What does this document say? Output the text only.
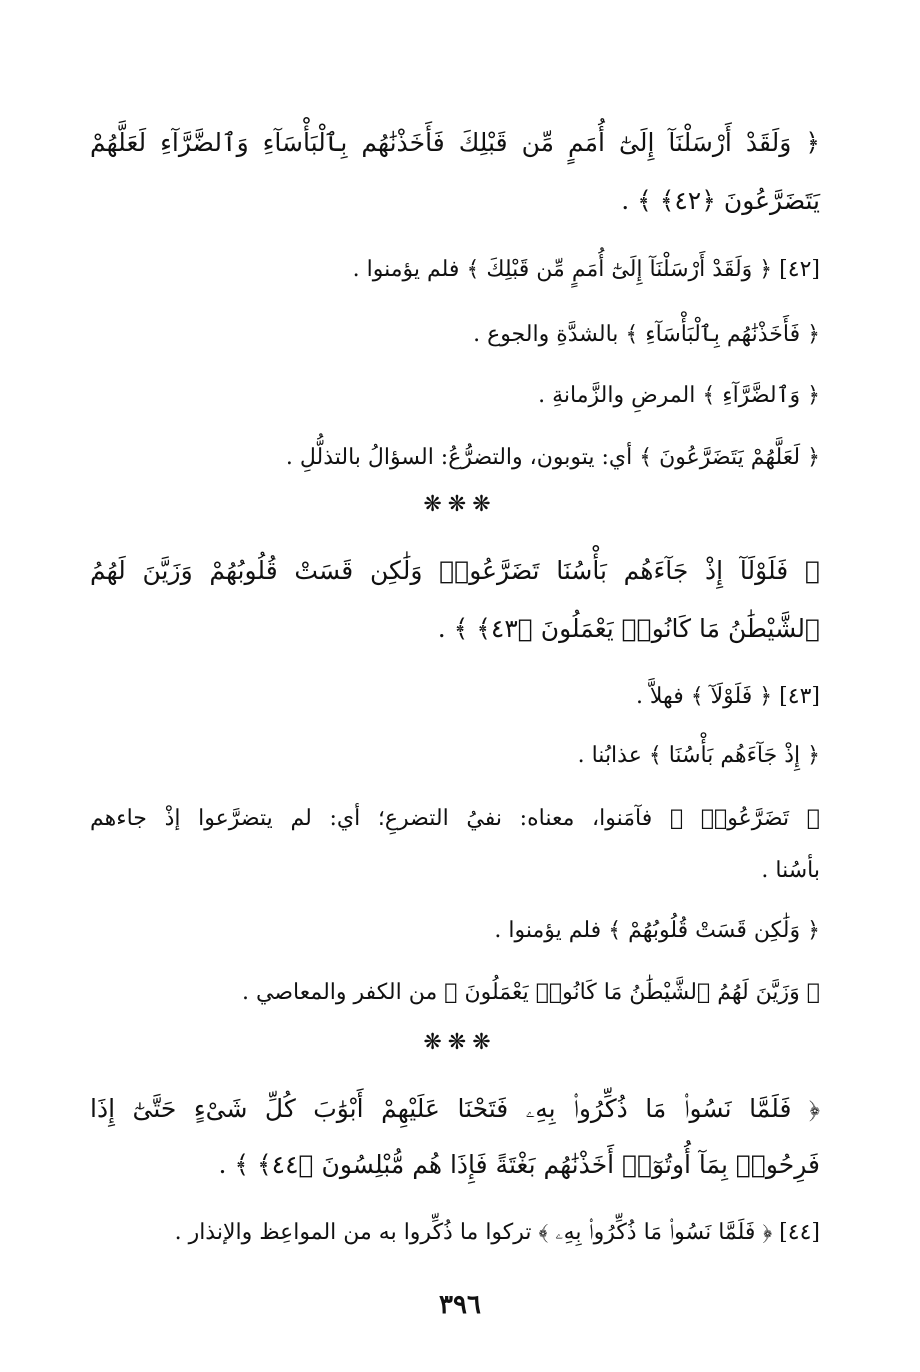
﴿ وَلَقَدْ أَرْسَلْنَآ إِلَىٰٓ أُمَمٍ مِّن قَبْلِكَ فَأَخَذْنَٰهُم بِٱلْبَأْسَآءِ وَٱلضَّرَّآءِ لَعَلَّهُمْ
يَتَضَرَّعُونَ ﴿٤٢﴾ ﴾ .
[٤٢] ﴿ وَلَقَدْ أَرْسَلْنَآ إِلَىٰٓ أُمَمٍ مِّن قَبْلِكَ ﴾ فلم يؤمنوا .
﴿ فَأَخَذْنَٰهُم بِٱلْبَأْسَآءِ ﴾ بالشدَّةِ والجوع .
﴿ وَٱلضَّرَّآءِ ﴾ المرضِ والزَّمانةِ .
﴿ لَعَلَّهُمْ يَتَضَرَّعُونَ ﴾ أي: يتوبون، والتضرُّعُ: السؤالُ بالتذلُّلِ .
❋❋❋
﴿ فَلَوْلَآ إِذْ جَآءَهُم بَأْسُنَا تَضَرَّعُوا۟ وَلَٰكِن قَسَتْ قُلُوبُهُمْ وَزَيَّنَ لَهُمُ
ٱلشَّيْطَٰنُ مَا كَانُوا۟ يَعْمَلُونَ ﴿٤٣﴾ ﴾ .
[٤٣] ﴿ فَلَوْلَآ ﴾ فهلاَّ .
﴿ إِذْ جَآءَهُم بَأْسُنَا ﴾ عذابُنا .
﴿ تَضَرَّعُوا۟ ﴾ فآمَنوا، معناه: نفيُ التضرعِ؛ أي: لم يتضرَّعوا إذْ جاءهم
بأسُنا .
﴿ وَلَٰكِن قَسَتْ قُلُوبُهُمْ ﴾ فلم يؤمنوا .
﴿ وَزَيَّنَ لَهُمُ ٱلشَّيْطَٰنُ مَا كَانُوا۟ يَعْمَلُونَ ﴾ من الكفر والمعاصي .
❋❋❋
﴿ فَلَمَّا نَسُوا۟ مَا ذُكِّرُوا۟ بِهِۦ فَتَحْنَا عَلَيْهِمْ أَبْوَٰبَ كُلِّ شَىْءٍ حَتَّىٰٓ إِذَا
فَرِحُوا۟ بِمَآ أُوتُوٓا۟ أَخَذْنَٰهُم بَغْتَةً فَإِذَا هُم مُّبْلِسُونَ ﴿٤٤﴾ ﴾ .
[٤٤] ﴿ فَلَمَّا نَسُوا۟ مَا ذُكِّرُوا۟ بِهِۦ ﴾ تركوا ما ذُكِّروا به من المواعِظ والإنذار .
٣٩٦
